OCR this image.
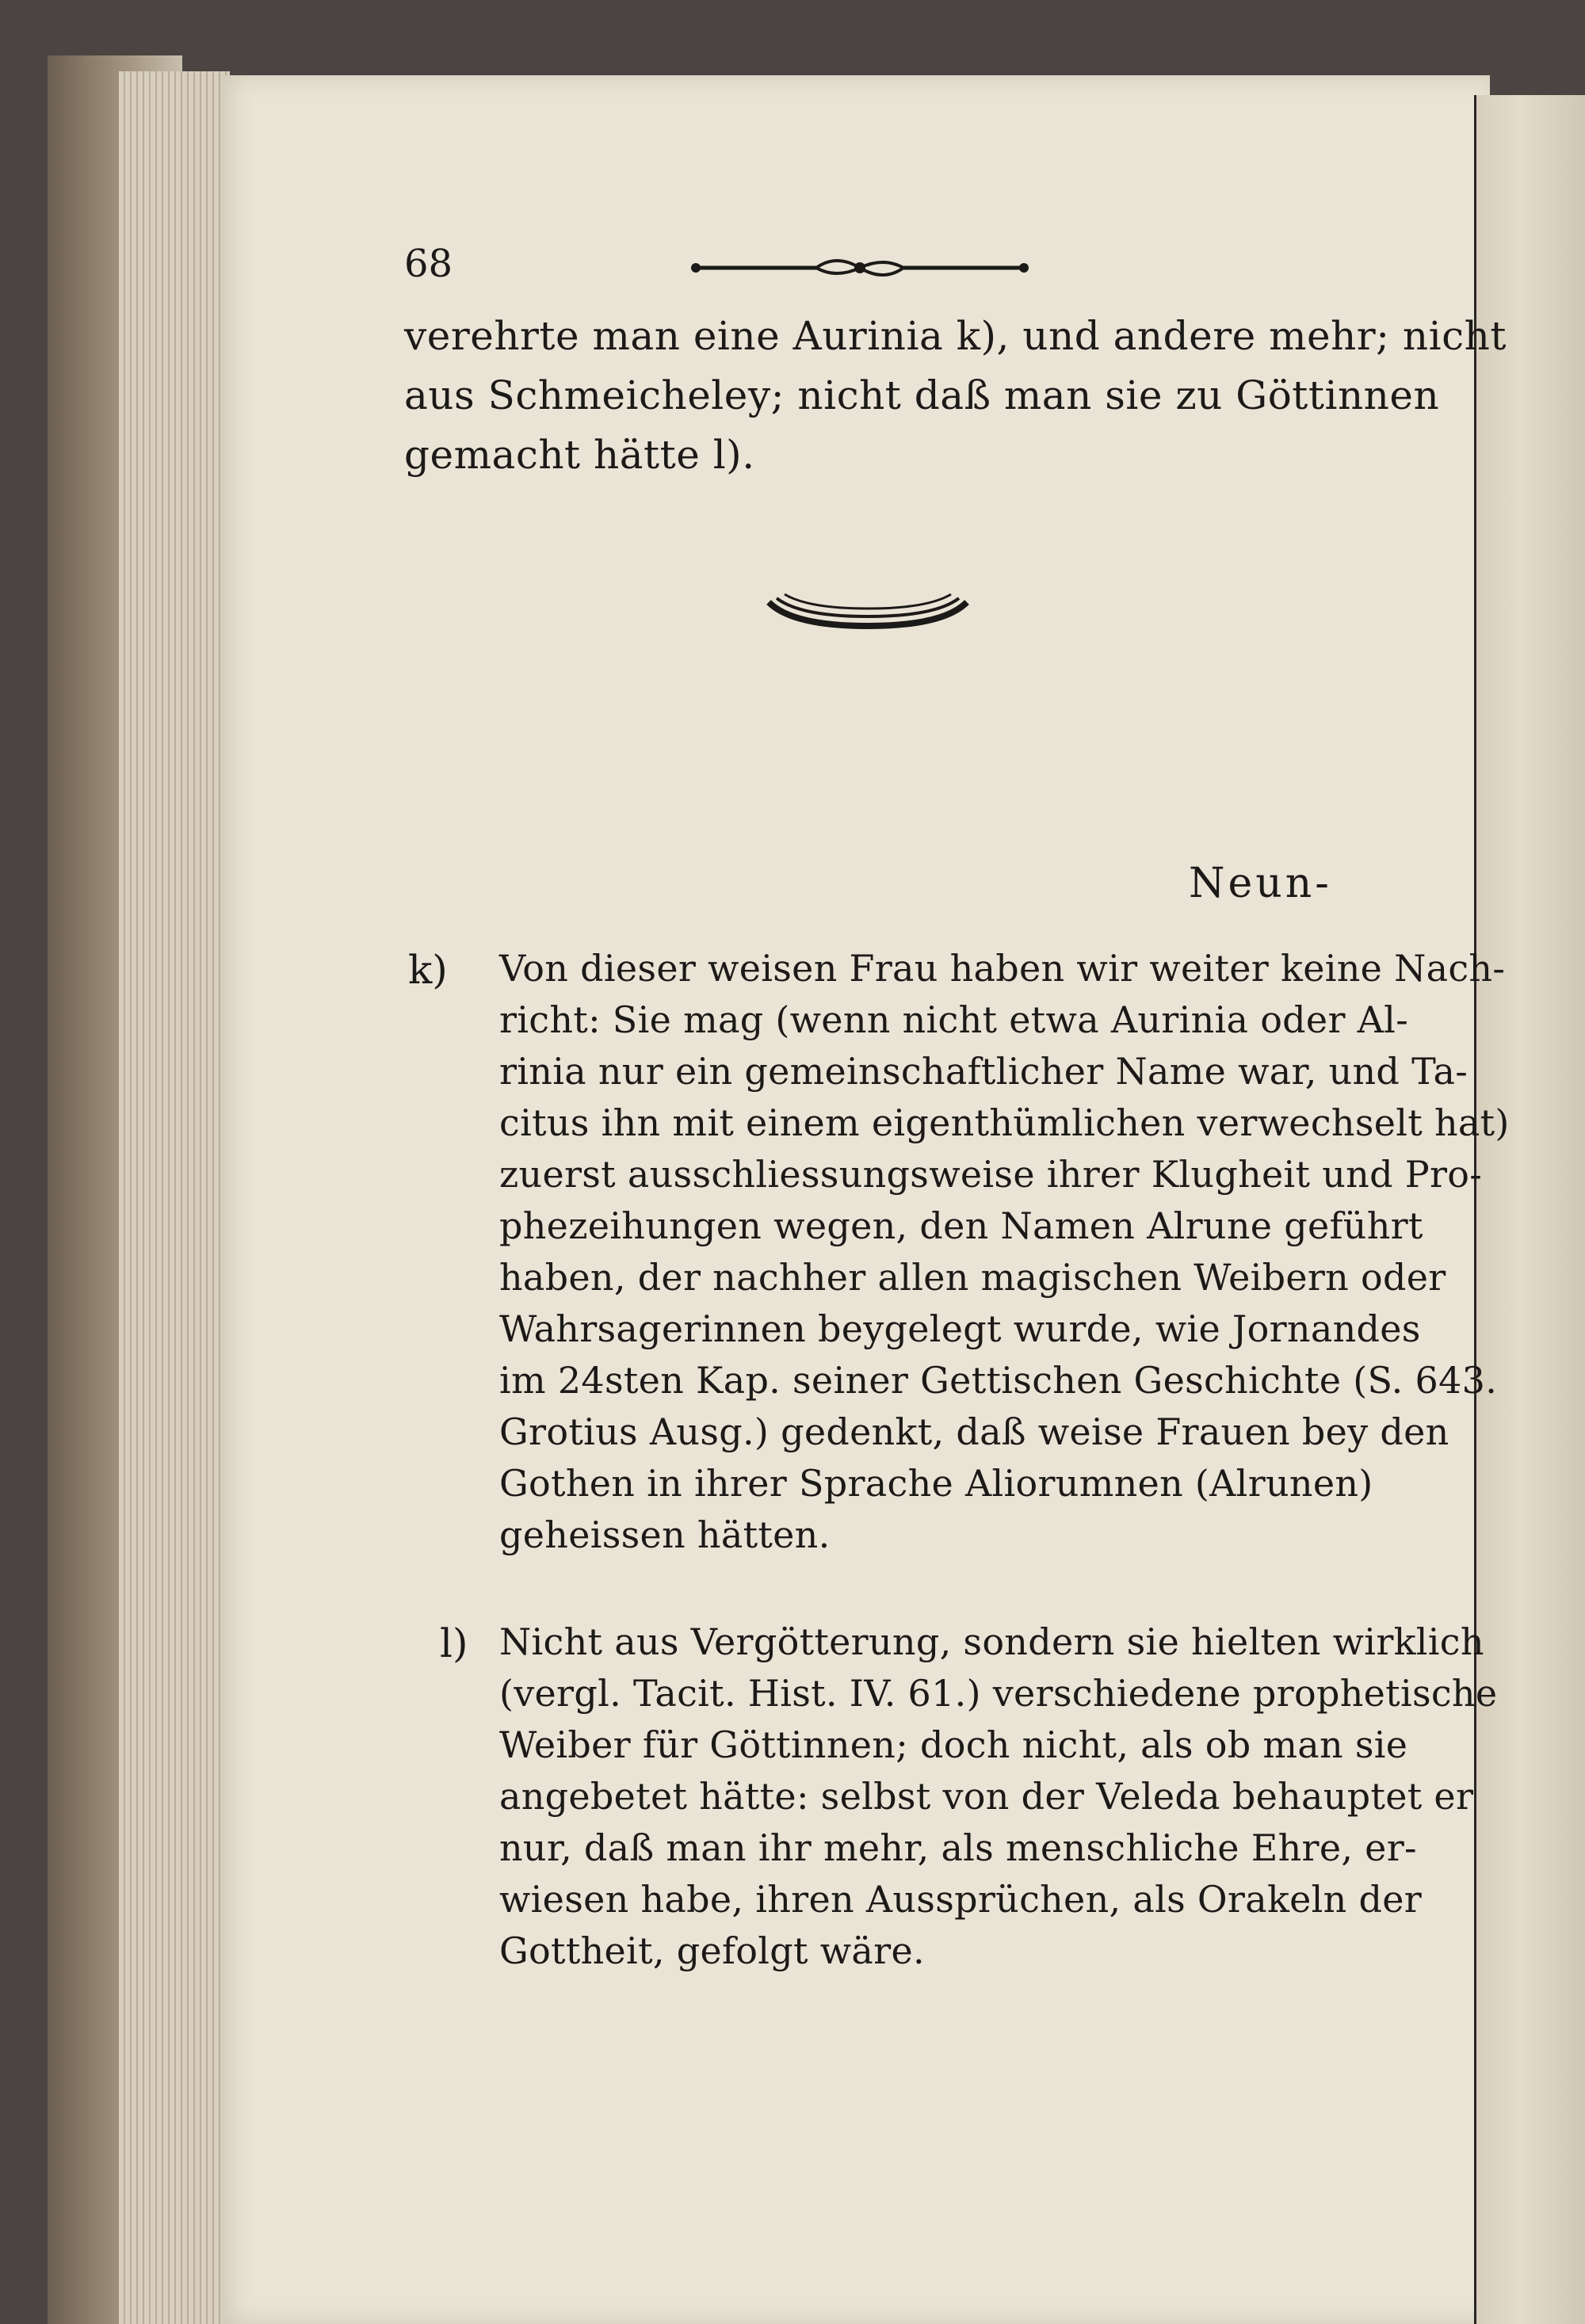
68

verehrte man eine Aurinia k), und andere mehr; nicht

aus Schmeicheley; nicht daß man sie zu Göttinnen

gemacht hätte l).

Neun-

k) Von dieser weisen Frau haben wir weiter keine Nach-

richt: Sie mag (wenn nicht etwa Aurinia oder Al-

rinia nur ein gemeinschaftlicher Name war, und Ta-

citus ihn mit einem eigenthümlichen verwechselt hat)

zuerst ausschliessungsweise ihrer Klugheit und Pro-

phezeihungen wegen, den Namen Alrune geführt

haben, der nachher allen magischen Weibern oder

Wahrsagerinnen beygelegt wurde, wie Jornandes

im 24sten Kap. seiner Gettischen Geschichte (S. 643.

Grotius Ausg.) gedenkt, daß weise Frauen bey den

Gothen in ihrer Sprache Aliorumnen (Alrunen)

geheissen hätten.

l) Nicht aus Vergötterung, sondern sie hielten wirklich

(vergl. Tacit. Hist. IV. 61.) verschiedene prophetische

Weiber für Göttinnen; doch nicht, als ob man sie

angebetet hätte: selbst von der Veleda behauptet er

nur, daß man ihr mehr, als menschliche Ehre, er-

wiesen habe, ihren Aussprüchen, als Orakeln der

Gottheit, gefolgt wäre.
